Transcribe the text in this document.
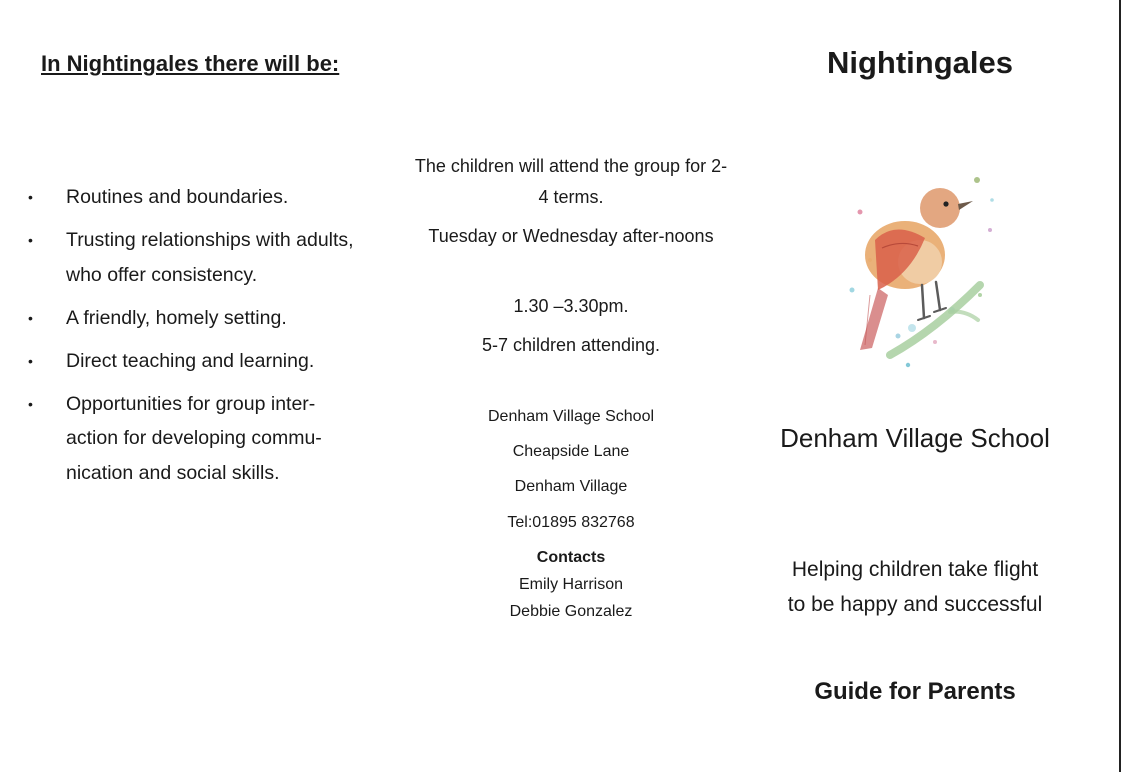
In Nightingales there will be:
• Routines and boundaries.
• Trusting relationships with adults, who offer consistency.
• A friendly, homely setting.
• Direct teaching and learning.
• Opportunities for group inter-action for developing commu-nication and social skills.

The children will attend the group for 2-4 terms.

Tuesday or Wednesday after-noons

1.30 –3.30pm.

5-7 children attending.

Denham Village School

Cheapside Lane

Denham Village

Tel:01895 832768

Contacts

Emily Harrison

Debbie Gonzalez

Nightingales

Denham Village School

Helping children take flight
to be happy and successful

Guide for Parents
